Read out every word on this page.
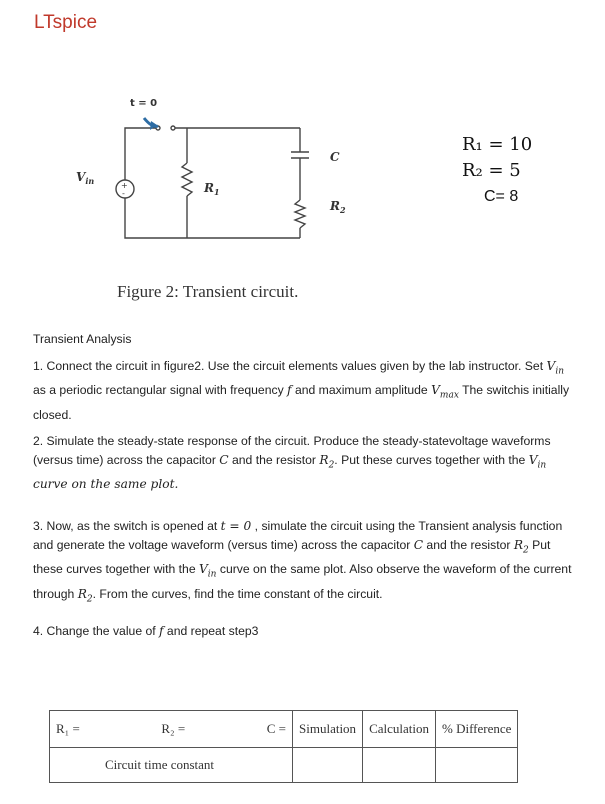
LTspice
+
-
t = 0
$V_{in}$	$R_1$
C
$R_2$
R₁ = 10
R₂ = 5
C= 8
Figure 2: Transient circuit.
Transient Analysis
1. Connect the circuit in figure2. Use the circuit elements values given by the lab instructor. Set $V_{in}$ as a periodic rectangular signal with frequency f and maximum amplitude $V_{max}$ The switchis initially closed.
2. Simulate the steady-state response of the circuit. Produce the steady-statevoltage waveforms (versus time) across the capacitor C and the resistor $R_2$. Put these curves together with the $V_{in}$ curve on the same plot.
3. Now, as the switch is opened at t = 0 , simulate the circuit using the Transient analysis function and generate the voltage waveform (versus time) across the capacitor C and the resistor $R_2$ Put these curves together with the $V_{in}$ curve on the same plot. Also observe the waveform of the current through $R_2$. From the curves, find the time constant of the circuit.
4. Change the value of f and repeat step3
R₁ = R₂ = C =	Simulation	Calculation	% Difference
Circuit time constant			
